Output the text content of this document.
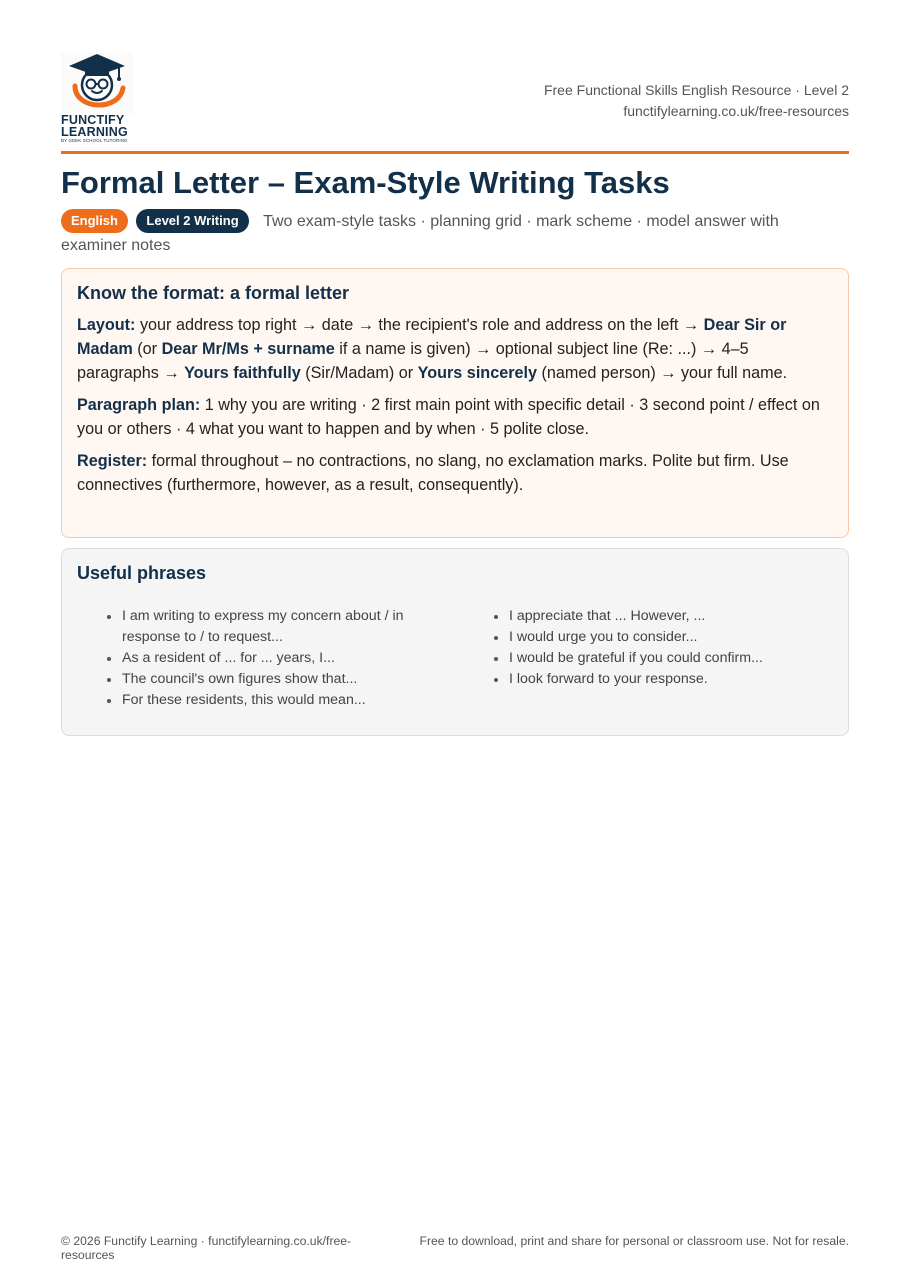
FUNCTIFY
LEARNING
BY GEEK SCHOOL TUTORING
Free Functional Skills English Resource · Level 2
functifylearning.co.uk/free-resources
Formal Letter – Exam-Style Writing Tasks
English Level 2 Writing Two exam-style tasks · planning grid · mark scheme · model answer with examiner notes
Know the format: a formal letter

Layout: your address top right → date → the recipient's role and address on the left → Dear Sir or Madam (or Dear Mr/Ms + surname if a name is given) → optional subject line (Re: ...) → 4–5 paragraphs → Yours faithfully (Sir/Madam) or Yours sincerely (named person) → your full name.

Paragraph plan: 1 why you are writing · 2 first main point with specific detail · 3 second point / effect on you or others · 4 what you want to happen and by when · 5 polite close.

Register: formal throughout – no contractions, no slang, no exclamation marks. Polite but firm. Use connectives (furthermore, however, as a result, consequently).

Useful phrases
I am writing to express my concern about / in response to / to request...
As a resident of ... for ... years, I...
The council's own figures show that...
For these residents, this would mean...
I appreciate that ... However, ...
I would urge you to consider...
I would be grateful if you could confirm...
I look forward to your response.
© 2026 Functify Learning · functifylearning.co.uk/free-resources
Free to download, print and share for personal or classroom use. Not for resale.
